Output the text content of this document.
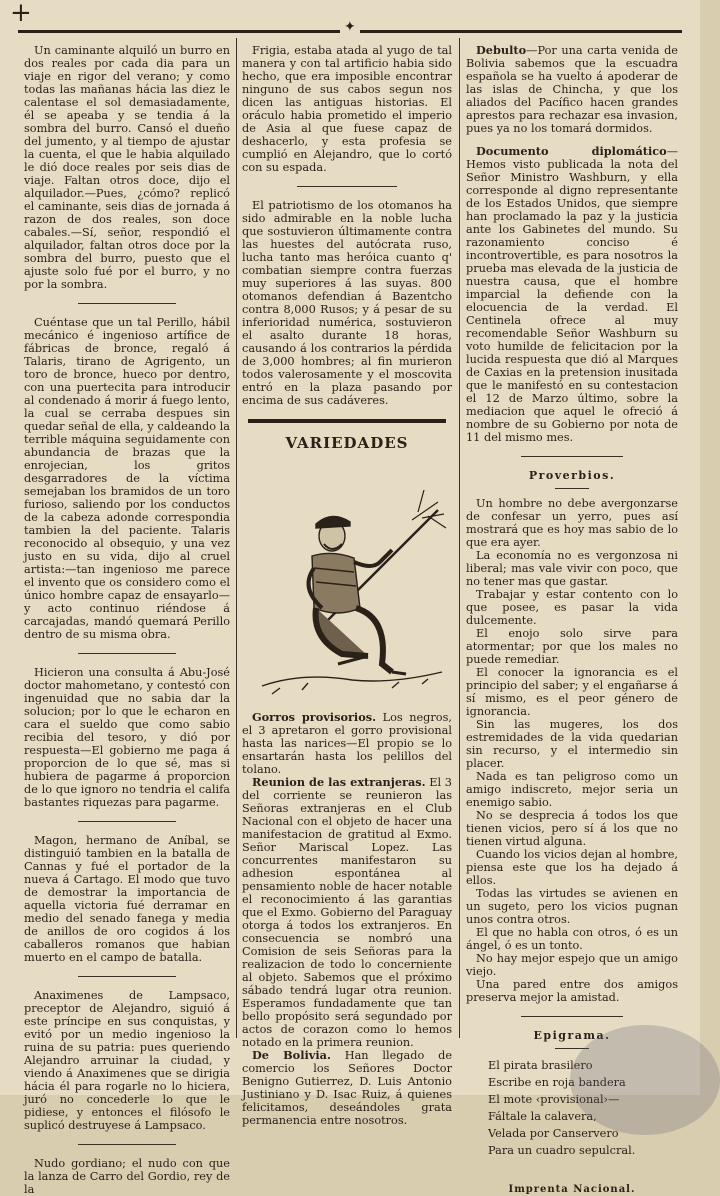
+	✦

Un caminante alquiló un burro en dos reales por cada dia para un viaje en rigor del verano; y como todas las mañanas hácia las diez le calentase el sol demasiadamente, él se apeaba y se tendia á la sombra del burro. Cansó el dueño del jumento, y al tiempo de ajustar la cuenta, el que le habia alquilado le dió doce reales por seis dias de viaje. Faltan otros doce, dijo el alquilador.—Pues, ¿cómo? replicó el caminante, seis dias de jornada á razon de dos reales, son doce cabales.—Sí, señor, respondió el alquilador, faltan otros doce por la sombra del burro, puesto que el ajuste solo fué por el burro, y no por la sombra.

Cuéntase que un tal Perillo, hábil mecánico é ingenioso artífice de fábricas de bronce, regaló á Talaris, tirano de Agrigento, un toro de bronce, hueco por dentro, con una puertecita para introducir al condenado á morir á fuego lento, la cual se cerraba despues sin quedar señal de ella, y caldeando la terrible máquina seguidamente con abundancia de brazas que la enrojecian, los gritos desgarradores de la víctima semejaban los bramidos de un toro furioso, saliendo por los conductos de la cabeza adonde correspondia tambien la del paciente. Talaris reconocido al obsequio, y una vez justo en su vida, dijo al cruel artista:—tan ingenioso me parece el invento que os considero como el único hombre capaz de ensayarlo—y acto continuo riéndose á carcajadas, mandó quemará Perillo dentro de su misma obra.

Hicieron una consulta á Abu-José doctor mahometano, y contestó con ingenuidad que no sabia dar la solucion; por lo que le echaron en cara el sueldo que como sabio recibia del tesoro, y dió por respuesta—El gobierno me paga á proporcion de lo que sé, mas si hubiera de pagarme á proporcion de lo que ignoro no tendria el califa bastantes riquezas para pagarme.

Magon, hermano de Aníbal, se distinguió tambien en la batalla de Cannas y fué el portador de la nueva á Cartago. El modo que tuvo de demostrar la importancia de aquella victoria fué derramar en medio del senado fanega y media de anillos de oro cogidos á los caballeros romanos que habian muerto en el campo de batalla.

Anaximenes de Lampsaco, preceptor de Alejandro, siguió á este príncipe en sus conquistas, y evitó por un medio ingenioso la ruina de su patria: pues queriendo Alejandro arruinar la ciudad, y viendo á Anaximenes que se dirigia hácia él para rogarle no lo hiciera, juró no concederle lo que le pidiese, y entonces el filósofo le suplicó destruyese á Lampsaco.

Nudo gordiano; el nudo con que la lanza de Carro del Gordio, rey de la

Frigia, estaba atada al yugo de tal manera y con tal artificio habia sido hecho, que era imposible encontrar ninguno de sus cabos segun nos dicen las antiguas historias. El oráculo habia prometido el imperio de Asia al que fuese capaz de deshacerlo, y esta profesia se cumplió en Alejandro, que lo cortó con su espada.

El patriotismo de los otomanos ha sido admirable en la noble lucha que sostuvieron últimamente contra las huestes del autócrata ruso, lucha tanto mas heróica cuanto q' combatian siempre contra fuerzas muy superiores á las suyas. 800 otomanos defendian á Bazentcho contra 8,000 Rusos; y á pesar de su inferioridad numérica, sostuvieron el asalto durante 18 horas, causando á los contrarios la pérdida de 3,000 hombres; al fin murieron todos valerosamente y el moscovita entró en la plaza pasando por encima de sus cadáveres.

VARIEDADES

Gorros provisorios. Los negros, el 3 apretaron el gorro provisional hasta las narices—El propio se lo ensartarán hasta los pelillos del tolano.

Reunion de las extranjeras. El 3 del corriente se reunieron las Señoras extranjeras en el Club Nacional con el objeto de hacer una manifestacion de gratitud al Exmo. Señor Mariscal Lopez. Las concurrentes manifestaron su adhesion espontánea al pensamiento noble de hacer notable el reconocimiento á las garantias que el Exmo. Gobierno del Paraguay otorga á todos los extranjeros. En consecuencia se nombró una Comision de seis Señoras para la realizacion de todo lo concerniente al objeto. Sabemos que el próximo sábado tendrá lugar otra reunion. Esperamos fundadamente que tan bello propósito será segundado por actos de corazon como lo hemos notado en la primera reunion.

De Bolivia. Han llegado de comercio los Señores Doctor Benigno Gutierrez, D. Luis Antonio Justiniano y D. Isac Ruiz, á quienes felicitamos, deseándoles grata permanencia entre nosotros.

Debulto—Por una carta venida de Bolivia sabemos que la escuadra española se ha vuelto á apoderar de las islas de Chincha, y que los aliados del Pacífico hacen grandes aprestos para rechazar esa invasion, pues ya no los tomará dormidos.

Documento diplomático—Hemos visto publicada la nota del Señor Ministro Washburn, y ella corresponde al digno representante de los Estados Unidos, que siempre han proclamado la paz y la justicia ante los Gabinetes del mundo. Su razonamiento conciso é incontrovertible, es para nosotros la prueba mas elevada de la justicia de nuestra causa, que el hombre imparcial la defiende con la elocuencia de la verdad. El Centinela ofrece al muy recomendable Señor Washburn su voto humilde de felicitacion por la lucida respuesta que dió al Marques de Caxias en la pretension inusitada que le manifestó en su contestacion el 12 de Marzo último, sobre la mediacion que aquel le ofreció á nombre de su Gobierno por nota de 11 del mismo mes.

Proverbios.

Un hombre no debe avergonzarse de confesar un yerro, pues así mostrará que es hoy mas sabio de lo que era ayer.

La economía no es vergonzosa ni liberal; mas vale vivir con poco, que no tener mas que gastar.

Trabajar y estar contento con lo que posee, es pasar la vida dulcemente.

El enojo solo sirve para atormentar; por que los males no puede remediar.

El conocer la ignorancia es el principio del saber; y el engañarse á sí mismo, es el peor género de ignorancia.

Sin las mugeres, los dos estremidades de la vida quedarian sin recurso, y el intermedio sin placer.

Nada es tan peligroso como un amigo indiscreto, mejor seria un enemigo sabio.

No se desprecia á todos los que tienen vicios, pero sí á los que no tienen virtud alguna.

Cuando los vicios dejan al hombre, piensa este que los ha dejado á ellos.

Todas las virtudes se avienen en un sugeto, pero los vicios pugnan unos contra otros.

El que no habla con otros, ó es un ángel, ó es un tonto.

No hay mejor espejo que un amigo viejo.

Una pared entre dos amigos preserva mejor la amistad.

Epigrama.

El pirata brasilero

Escribe en roja bandera

El mote ‹provisional›—

Fáltale la calavera,

Velada por Canservero

Para un cuadro sepulcral.

Imprenta Nacional.
